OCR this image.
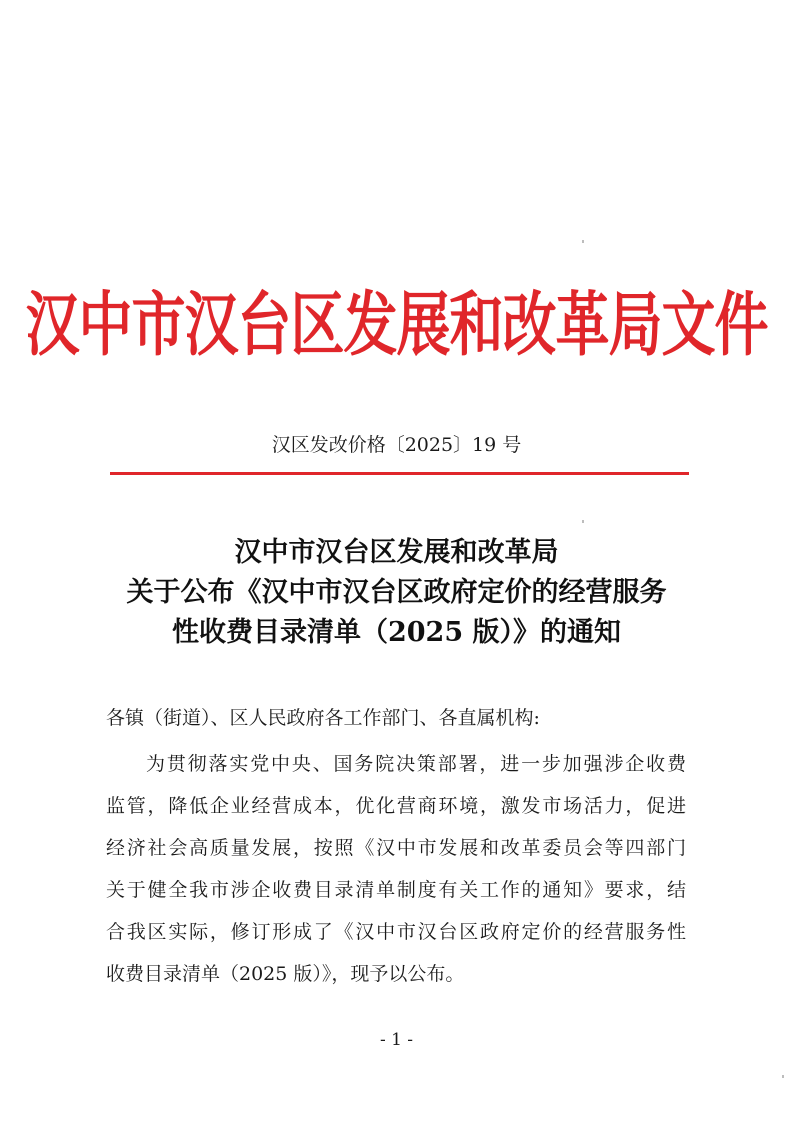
汉中市汉台区发展和改革局文件
汉区发改价格〔2025〕19 号
汉中市汉台区发展和改革局
关于公布《汉中市汉台区政府定价的经营服务
性收费目录清单（2025 版）》的通知
各镇（街道）、区人民政府各工作部门、各直属机构:
为贯彻落实党中央、国务院决策部署，进一步加强涉企收费
监管，降低企业经营成本，优化营商环境，激发市场活力，促进
经济社会高质量发展，按照《汉中市发展和改革委员会等四部门
关于健全我市涉企收费目录清单制度有关工作的通知》要求，结
合我区实际，修订形成了《汉中市汉台区政府定价的经营服务性
收费目录清单（2025 版）》，现予以公布。
- 1 -
